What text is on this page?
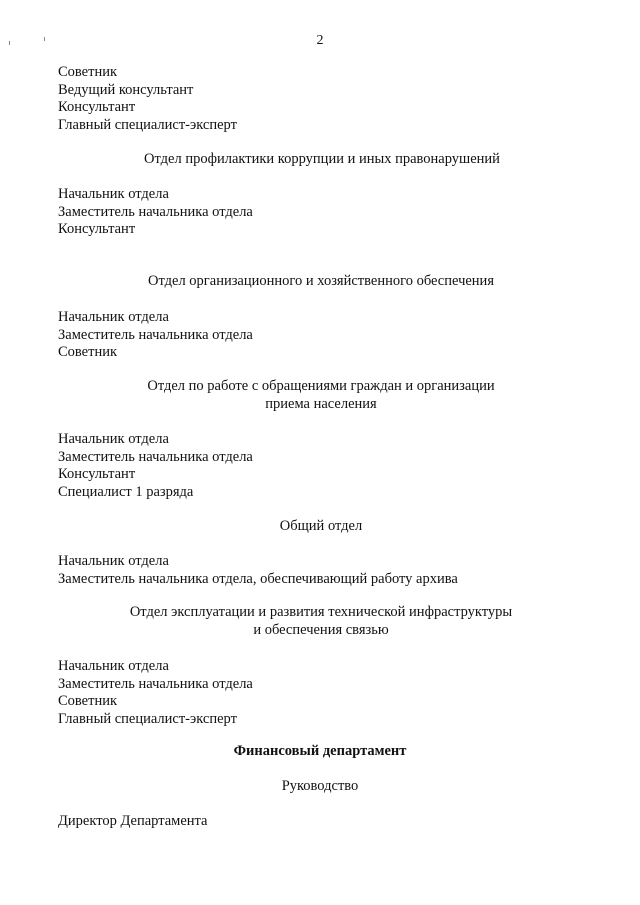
2
Советник
Ведущий консультант
Консультант
Главный специалист-эксперт
Отдел профилактики коррупции и иных правонарушений
Начальник отдела
Заместитель начальника отдела
Консультант
Отдел организационного и хозяйственного обеспечения
Начальник отдела
Заместитель начальника отдела
Советник
Отдел по работе с обращениями граждан и организации
приема населения
Начальник отдела
Заместитель начальника отдела
Консультант
Специалист 1 разряда
Общий отдел
Начальник отдела
Заместитель начальника отдела, обеспечивающий работу архива
Отдел эксплуатации и развития технической инфраструктуры
и обеспечения связью
Начальник отдела
Заместитель начальника отдела
Советник
Главный специалист-эксперт
Финансовый департамент
Руководство
Директор Департамента
